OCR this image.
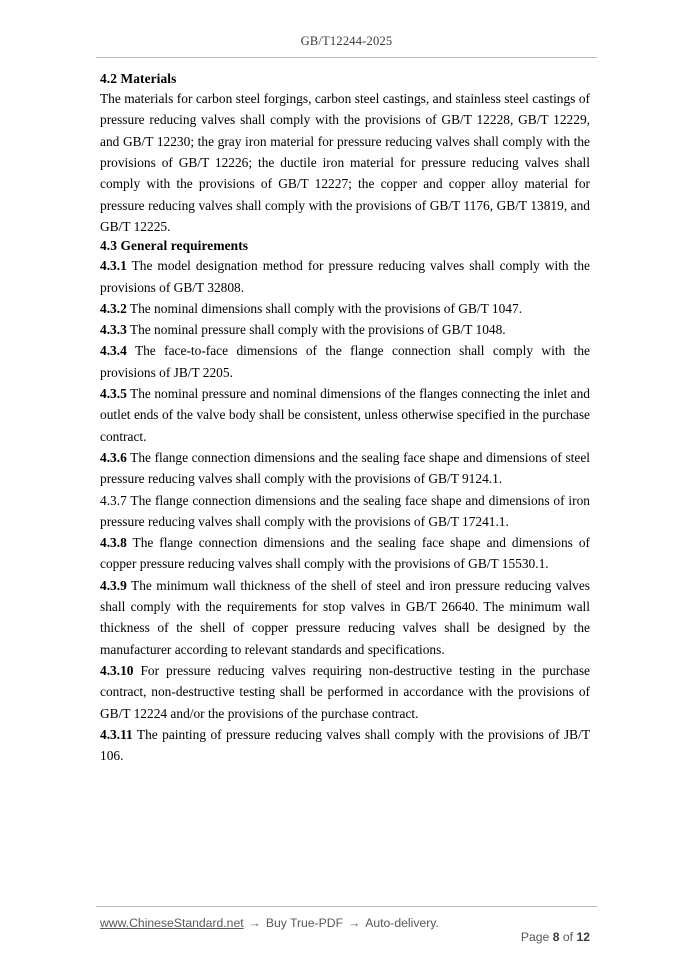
GB/T12244-2025
4.2 Materials

The materials for carbon steel forgings, carbon steel castings, and stainless steel castings of pressure reducing valves shall comply with the provisions of GB/T 12228, GB/T 12229, and GB/T 12230; the gray iron material for pressure reducing valves shall comply with the provisions of GB/T 12226; the ductile iron material for pressure reducing valves shall comply with the provisions of GB/T 12227; the copper and copper alloy material for pressure reducing valves shall comply with the provisions of GB/T 1176, GB/T 13819, and GB/T 12225.

4.3 General requirements

4.3.1 The model designation method for pressure reducing valves shall comply with the provisions of GB/T 32808.

4.3.2 The nominal dimensions shall comply with the provisions of GB/T 1047.

4.3.3 The nominal pressure shall comply with the provisions of GB/T 1048.

4.3.4 The face-to-face dimensions of the flange connection shall comply with the provisions of JB/T 2205.

4.3.5 The nominal pressure and nominal dimensions of the flanges connecting the inlet and outlet ends of the valve body shall be consistent, unless otherwise specified in the purchase contract.

4.3.6 The flange connection dimensions and the sealing face shape and dimensions of steel pressure reducing valves shall comply with the provisions of GB/T 9124.1.

4.3.7 The flange connection dimensions and the sealing face shape and dimensions of iron pressure reducing valves shall comply with the provisions of GB/T 17241.1.

4.3.8 The flange connection dimensions and the sealing face shape and dimensions of copper pressure reducing valves shall comply with the provisions of GB/T 15530.1.

4.3.9 The minimum wall thickness of the shell of steel and iron pressure reducing valves shall comply with the requirements for stop valves in GB/T 26640. The minimum wall thickness of the shell of copper pressure reducing valves shall be designed by the manufacturer according to relevant standards and specifications.

4.3.10 For pressure reducing valves requiring non-destructive testing in the purchase contract, non-destructive testing shall be performed in accordance with the provisions of GB/T 12224 and/or the provisions of the purchase contract.

4.3.11 The painting of pressure reducing valves shall comply with the provisions of JB/T 106.

www.ChineseStandard.net → Buy True-PDF → Auto-delivery.

Page 8 of 12
